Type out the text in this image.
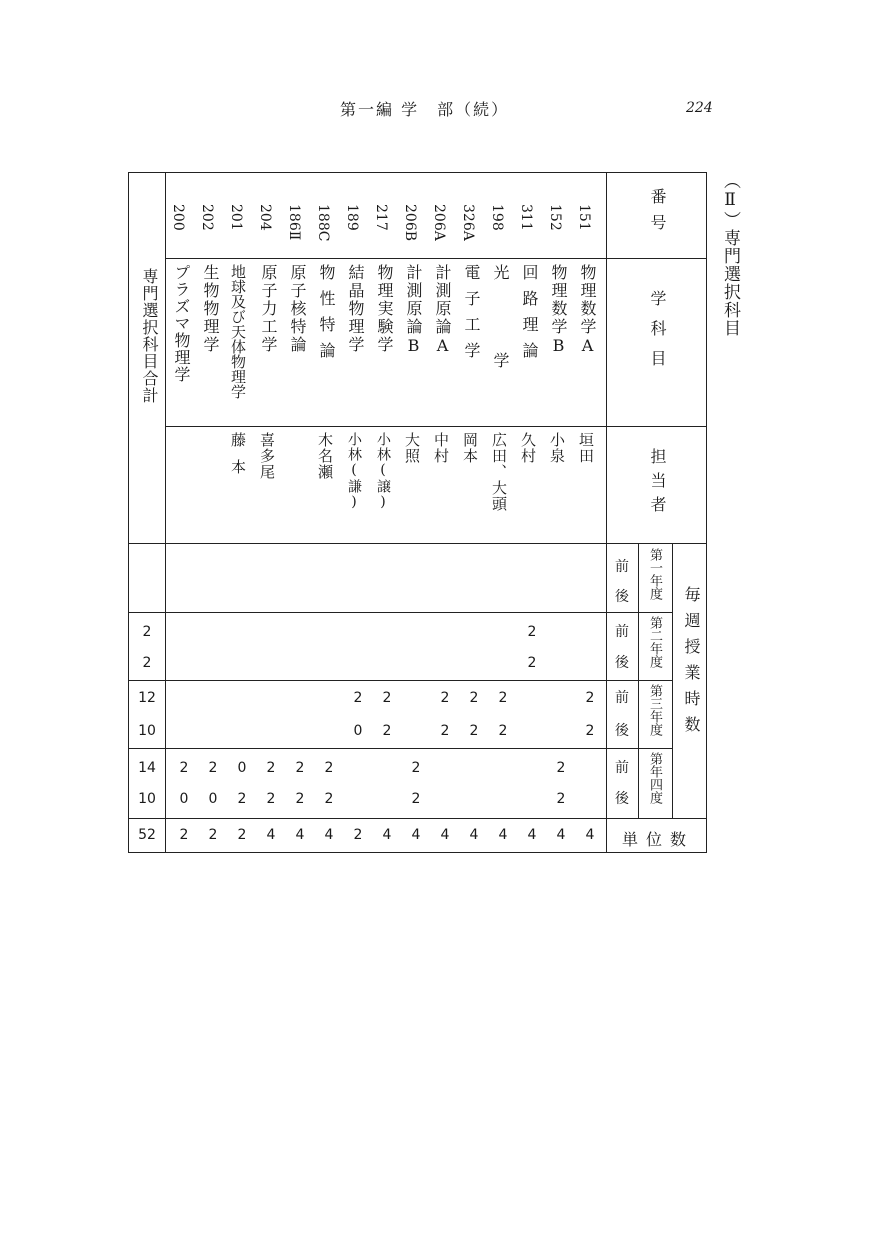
第一編 学　部（続）	224
（Ⅱ）専門選択科目
番号
学科目
担当者
毎週授業時数
第一年度
第二年度
第三年度
第年四度
前
後
前
後
前
後
前
後
単位数
専門選択科目合計
2
2
12
10
14
10
52
151
物理数学A
垣田
2
2
4
152
物理数学B
小泉
2
2
4
311
回路理論
久村
2
2
4
198
光　学
広田、大頭
2
2
4
326A
電子工学
岡本
2
2
4
206A
計測原論A
中村
2
2
4
206B
計測原論B
大照
2
2
4
217
物理実験学
小林(譲)
2
2
4
189
結晶物理学
小林(謙)
2
0
2
188C
物性特論
木名瀬
2
2
4
186Ⅱ
原子核特論
2
2
4
204
原子力工学
喜多尾
2
2
4
201
地球及び天体物理学
藤本
0
2
2
202
生物物理学
2
0
2
200
プラズマ物理学
2
0
2
